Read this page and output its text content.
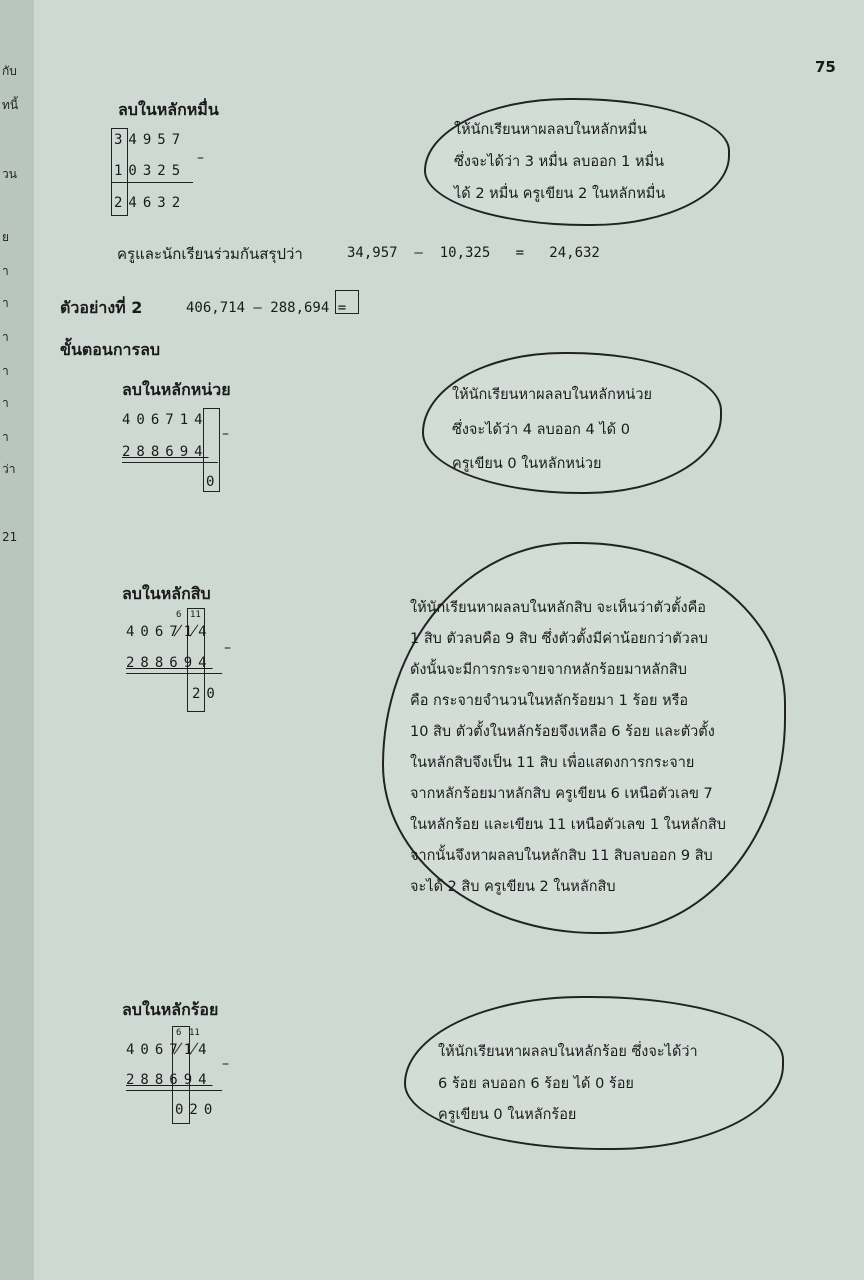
กับ
ทนี้
วน
ย
า
า
า
า
า
า
ว่า
21
75
ลบในหลักหมื่น
34957
10325
24632
–
ให้นักเรียนหาผลลบในหลักหมื่น
ซึ่งจะได้ว่า 3 หมื่น ลบออก 1 หมื่น
ได้ 2 หมื่น ครูเขียน 2 ในหลักหมื่น
ครูและนักเรียนร่วมกันสรุปว่า	34,957  –  10,325   =   24,632
ตัวอย่างที่ 2	406,714 – 288,694 =
ขั้นตอนการลบ
ลบในหลักหน่วย
406714
288694
0
–
ให้นักเรียนหาผลลบในหลักหน่วย
ซึ่งจะได้ว่า 4 ลบออก 4 ได้ 0
ครูเขียน 0 ในหลักหน่วย
ลบในหลักสิบ
6 11
406714
288694
20
–
ให้นักเรียนหาผลลบในหลักสิบ จะเห็นว่าตัวตั้งคือ
1 สิบ ตัวลบคือ 9 สิบ ซึ่งตัวตั้งมีค่าน้อยกว่าตัวลบ
ดังนั้นจะมีการกระจายจากหลักร้อยมาหลักสิบ
คือ กระจายจำนวนในหลักร้อยมา 1 ร้อย หรือ
10 สิบ ตัวตั้งในหลักร้อยจึงเหลือ 6 ร้อย และตัวตั้ง
ในหลักสิบจึงเป็น 11 สิบ เพื่อแสดงการกระจาย
จากหลักร้อยมาหลักสิบ ครูเขียน 6 เหนือตัวเลข 7
ในหลักร้อย และเขียน 11 เหนือตัวเลข 1 ในหลักสิบ
จากนั้นจึงหาผลลบในหลักสิบ 11 สิบลบออก 9 สิบ
จะได้ 2 สิบ ครูเขียน 2 ในหลักสิบ
ลบในหลักร้อย
6 11
406714
288694
020
–
ให้นักเรียนหาผลลบในหลักร้อย ซึ่งจะได้ว่า
6 ร้อย ลบออก 6 ร้อย ได้ 0 ร้อย
ครูเขียน 0 ในหลักร้อย
